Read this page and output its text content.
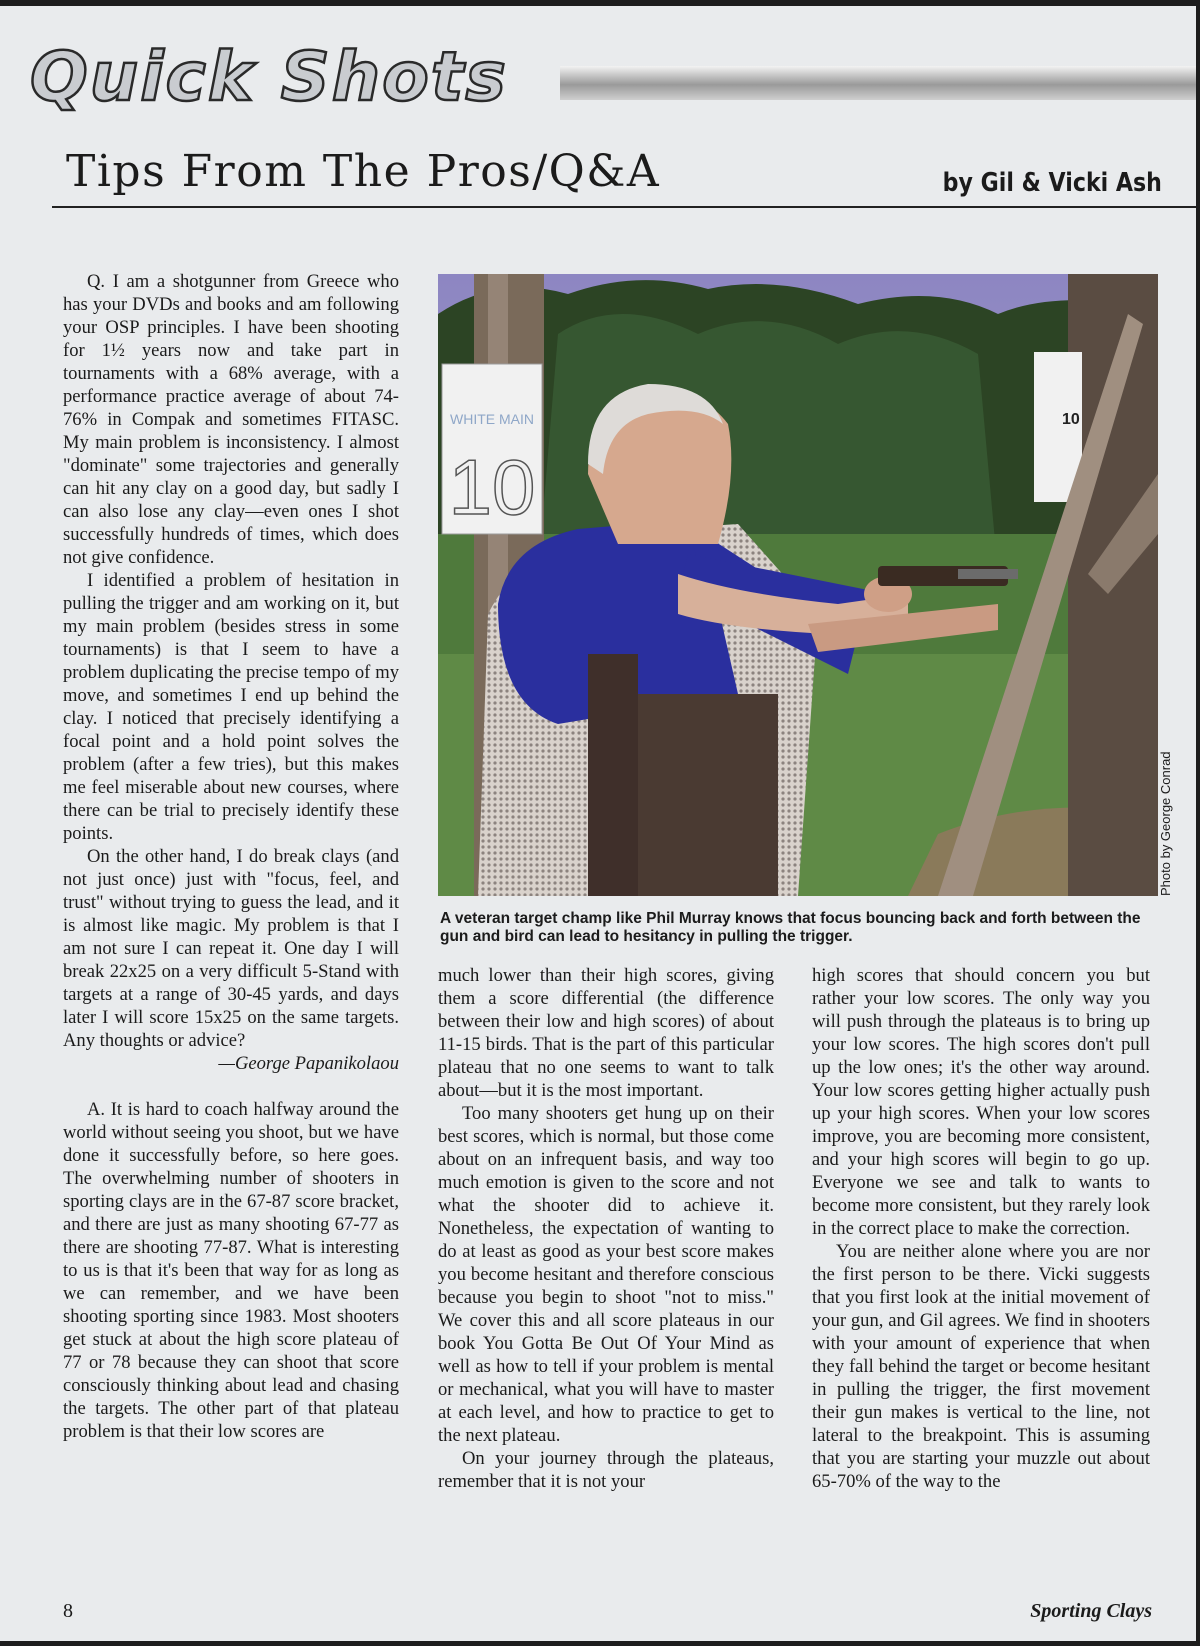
Quick Shots
Tips From The Pros/Q&A	by Gil & Vicki Ash

Q. I am a shotgunner from Greece who has your DVDs and books and am following your OSP principles. I have been shooting for 1½ years now and take part in tournaments with a 68% average, with a performance practice average of about 74-76% in Compak and sometimes FITASC. My main problem is inconsistency. I almost "dominate" some trajectories and generally can hit any clay on a good day, but sadly I can also lose any clay—even ones I shot successfully hundreds of times, which does not give confidence.

I identified a problem of hesitation in pulling the trigger and am working on it, but my main problem (besides stress in some tournaments) is that I seem to have a problem duplicating the precise tempo of my move, and sometimes I end up behind the clay. I noticed that precisely identifying a focal point and a hold point solves the problem (after a few tries), but this makes me feel miserable about new courses, where there can be trial to precisely identify these points.

On the other hand, I do break clays (and not just once) just with "focus, feel, and trust" without trying to guess the lead, and it is almost like magic. My problem is that I am not sure I can repeat it. One day I will break 22x25 on a very difficult 5-Stand with targets at a range of 30-45 yards, and days later I will score 15x25 on the same targets. Any thoughts or advice?

—George Papanikolaou

A. It is hard to coach halfway around the world without seeing you shoot, but we have done it successfully before, so here goes. The overwhelming number of shooters in sporting clays are in the 67-87 score bracket, and there are just as many shooting 67-77 as there are shooting 77-87. What is interesting to us is that it's been that way for as long as we can remember, and we have been shooting sporting since 1983. Most shooters get stuck at about the high score plateau of 77 or 78 because they can shoot that score consciously thinking about lead and chasing the targets. The other part of that plateau problem is that their low scores are

WHITE MAIN
10
10
Photo by George Conrad
A veteran target champ like Phil Murray knows that focus bouncing back and forth between the gun and bird can lead to hesitancy in pulling the trigger.

much lower than their high scores, giving them a score differential (the difference between their low and high scores) of about 11-15 birds. That is the part of this particular plateau that no one seems to want to talk about—but it is the most important.

Too many shooters get hung up on their best scores, which is normal, but those come about on an infrequent basis, and way too much emotion is given to the score and not what the shooter did to achieve it. Nonetheless, the expectation of wanting to do at least as good as your best score makes you become hesitant and therefore conscious because you begin to shoot "not to miss." We cover this and all score plateaus in our book You Gotta Be Out Of Your Mind as well as how to tell if your problem is mental or mechanical, what you will have to master at each level, and how to practice to get to the next plateau.

On your journey through the plateaus, remember that it is not your

high scores that should concern you but rather your low scores. The only way you will push through the plateaus is to bring up your low scores. The high scores don't pull up the low ones; it's the other way around. Your low scores getting higher actually push up your high scores. When your low scores improve, you are becoming more consistent, and your high scores will begin to go up. Everyone we see and talk to wants to become more consistent, but they rarely look in the correct place to make the correction.

You are neither alone where you are nor the first person to be there. Vicki suggests that you first look at the initial movement of your gun, and Gil agrees. We find in shooters with your amount of experience that when they fall behind the target or become hesitant in pulling the trigger, the first movement their gun makes is vertical to the line, not lateral to the breakpoint. This is assuming that you are starting your muzzle out about 65-70% of the way to the

8	Sporting Clays
